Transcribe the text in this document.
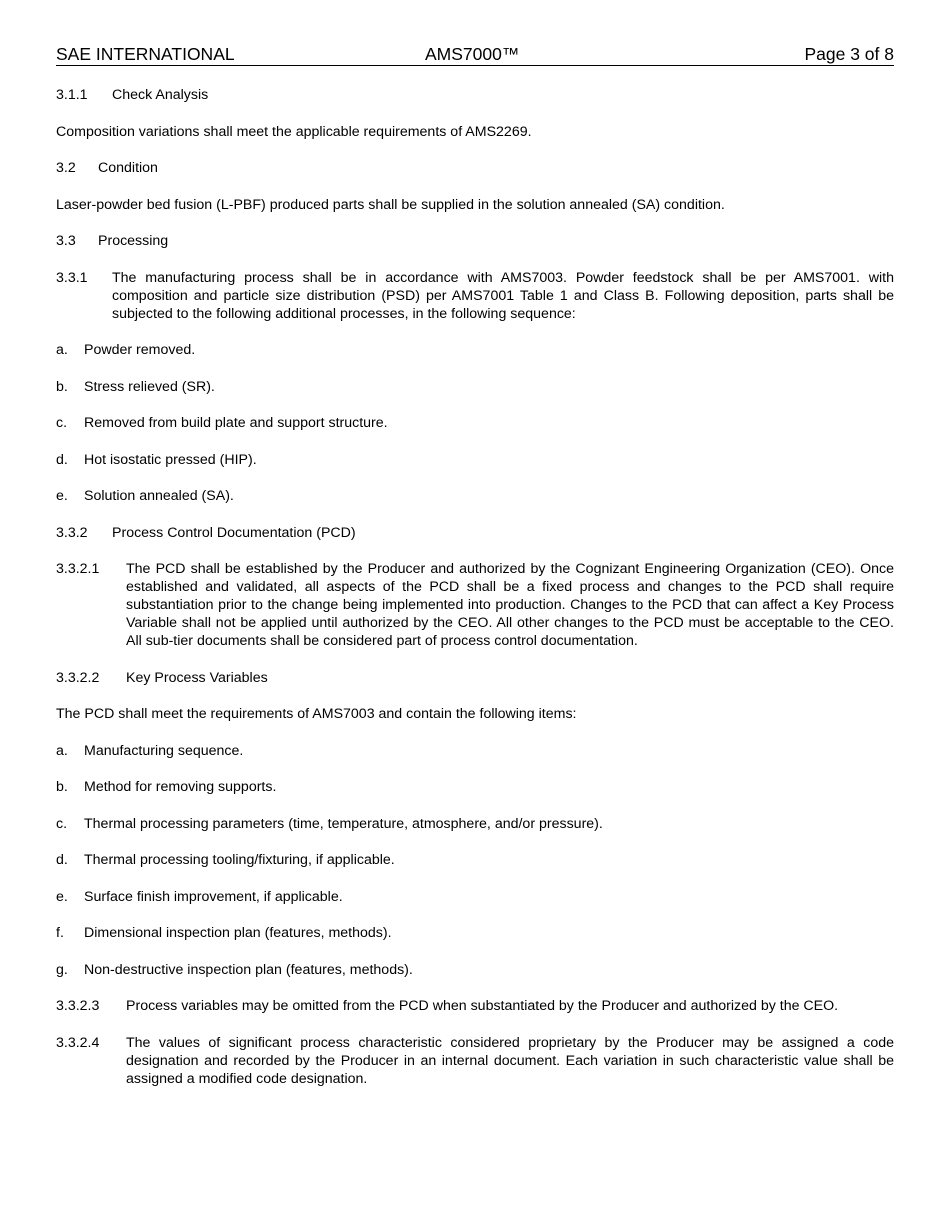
SAE INTERNATIONAL	AMS7000™	Page 3 of 8
3.1.1	Check Analysis

Composition variations shall meet the applicable requirements of AMS2269.

3.2	Condition

Laser-powder bed fusion (L-PBF) produced parts shall be supplied in the solution annealed (SA) condition.

3.3	Processing
3.3.1	The manufacturing process shall be in accordance with AMS7003. Powder feedstock shall be per AMS7001. with composition and particle size distribution (PSD) per AMS7001 Table 1 and Class B. Following deposition, parts shall be subjected to the following additional processes, in the following sequence:
a.	Powder removed.
b.	Stress relieved (SR).
c.	Removed from build plate and support structure.
d.	Hot isostatic pressed (HIP).
e.	Solution annealed (SA).
3.3.2	Process Control Documentation (PCD)
3.3.2.1	The PCD shall be established by the Producer and authorized by the Cognizant Engineering Organization (CEO). Once established and validated, all aspects of the PCD shall be a fixed process and changes to the PCD shall require substantiation prior to the change being implemented into production. Changes to the PCD that can affect a Key Process Variable shall not be applied until authorized by the CEO. All other changes to the PCD must be acceptable to the CEO. All sub-tier documents shall be considered part of process control documentation.
3.3.2.2	Key Process Variables

The PCD shall meet the requirements of AMS7003 and contain the following items:

a.	Manufacturing sequence.
b.	Method for removing supports.
c.	Thermal processing parameters (time, temperature, atmosphere, and/or pressure).
d.	Thermal processing tooling/fixturing, if applicable.
e.	Surface finish improvement, if applicable.
f.	Dimensional inspection plan (features, methods).
g.	Non-destructive inspection plan (features, methods).
3.3.2.3	Process variables may be omitted from the PCD when substantiated by the Producer and authorized by the CEO.
3.3.2.4	The values of significant process characteristic considered proprietary by the Producer may be assigned a code designation and recorded by the Producer in an internal document. Each variation in such characteristic value shall be assigned a modified code designation.
